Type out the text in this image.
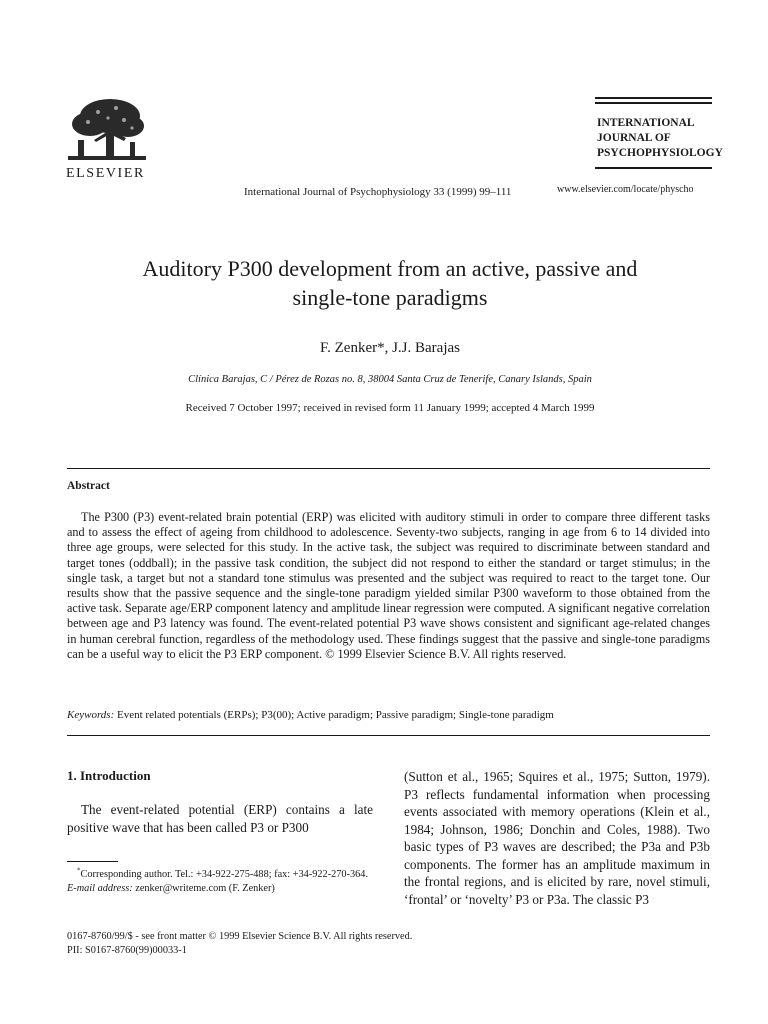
ELSEVIER
International Journal of Psychophysiology 33 (1999) 99–111
INTERNATIONAL
JOURNAL OF
PSYCHOPHYSIOLOGY
www.elsevier.com/locate/physcho
Auditory P300 development from an active, passive and
single-tone paradigms
F. Zenker*, J.J. Barajas
Clínica Barajas, C / Pérez de Rozas no. 8, 38004 Santa Cruz de Tenerife, Canary Islands, Spain
Received 7 October 1997; received in revised form 11 January 1999; accepted 4 March 1999
Abstract
The P300 (P3) event-related brain potential (ERP) was elicited with auditory stimuli in order to compare three different tasks and to assess the effect of ageing from childhood to adolescence. Seventy-two subjects, ranging in age from 6 to 14 divided into three age groups, were selected for this study. In the active task, the subject was required to discriminate between standard and target tones (oddball); in the passive task condition, the subject did not respond to either the standard or target stimulus; in the single task, a target but not a standard tone stimulus was presented and the subject was required to react to the target tone. Our results show that the passive sequence and the single-tone paradigm yielded similar P300 waveform to those obtained from the active task. Separate age/ERP component latency and amplitude linear regression were computed. A significant negative correlation between age and P3 latency was found. The event-related potential P3 wave shows consistent and significant age-related changes in human cerebral function, regardless of the methodology used. These findings suggest that the passive and single-tone paradigms can be a useful way to elicit the P3 ERP component. © 1999 Elsevier Science B.V. All rights reserved.
Keywords: Event related potentials (ERPs); P3(00); Active paradigm; Passive paradigm; Single-tone paradigm
1. Introduction
The event-related potential (ERP) contains a late positive wave that has been called P3 or P300
*Corresponding author. Tel.: +34-922-275-488; fax: +34-922-270-364.
E-mail address: zenker@writeme.com (F. Zenker)
(Sutton et al., 1965; Squires et al., 1975; Sutton, 1979). P3 reflects fundamental information when processing events associated with memory operations (Klein et al., 1984; Johnson, 1986; Donchin and Coles, 1988). Two basic types of P3 waves are described; the P3a and P3b components. The former has an amplitude maximum in the frontal regions, and is elicited by rare, novel stimuli, ‘frontal’ or ‘novelty’ P3 or P3a. The classic P3
0167-8760/99/$ - see front matter © 1999 Elsevier Science B.V. All rights reserved.
PII: S0167-8760(99)00033-1
